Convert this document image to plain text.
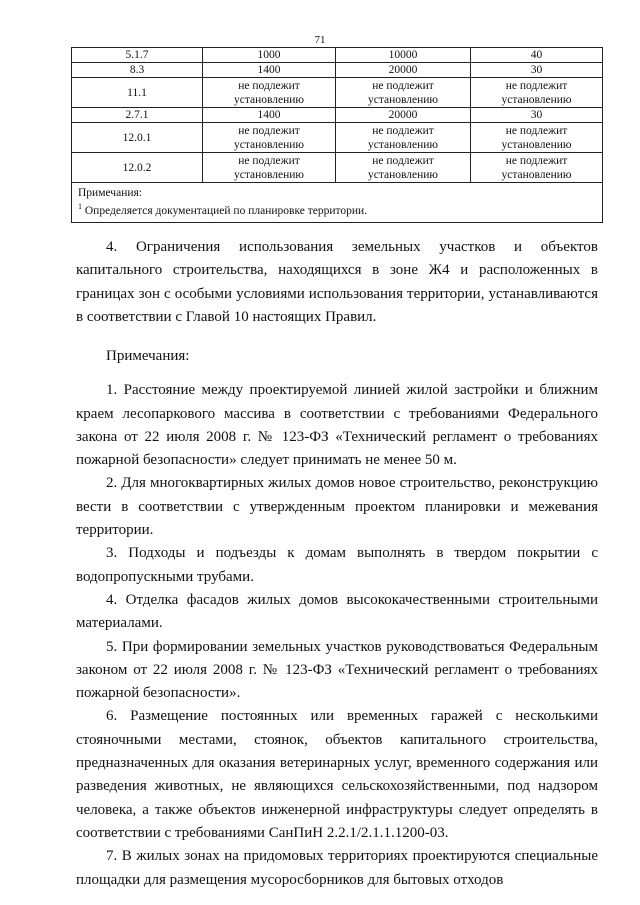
71
5.1.7	1000	10000	40
8.3	1400	20000	30
11.1	не подлежит установлению	не подлежит установлению	не подлежит установлению
2.7.1	1400	20000	30
12.0.1	не подлежит установлению	не подлежит установлению	не подлежит установлению
12.0.2	не подлежит установлению	не подлежит установлению	не подлежит установлению

Примечания:
$^1$ Определяется документацией по планировке территории.			

4. Ограничения использования земельных участков и объектов капитального строительства, находящихся в зоне Ж4 и расположенных в границах зон с особыми условиями использования территории, устанавливаются в соответствии с Главой 10 настоящих Правил.

Примечания:

1. Расстояние между проектируемой линией жилой застройки и ближним краем лесопаркового массива в соответствии с требованиями Федерального закона от 22 июля 2008 г. № 123-ФЗ «Технический регламент о требованиях пожарной безопасности» следует принимать не менее 50 м.

2. Для многоквартирных жилых домов новое строительство, реконструкцию вести в соответствии с утвержденным проектом планировки и межевания территории.

3. Подходы и подъезды к домам выполнять в твердом покрытии с водопропускными трубами.

4. Отделка фасадов жилых домов высококачественными строительными материалами.

5. При формировании земельных участков руководствоваться Федеральным законом от 22 июля 2008 г. № 123-ФЗ «Технический регламент о требованиях пожарной безопасности».

6. Размещение постоянных или временных гаражей с несколькими стояночными местами, стоянок, объектов капитального строительства, предназначенных для оказания ветеринарных услуг, временного содержания или разведения животных, не являющихся сельскохозяйственными, под надзором человека, а также объектов инженерной инфраструктуры следует определять в соответствии с требованиями СанПиН 2.2.1/2.1.1.1200-03.

7. В жилых зонах на придомовых территориях проектируются специальные площадки для размещения мусоросборников для бытовых отходов
